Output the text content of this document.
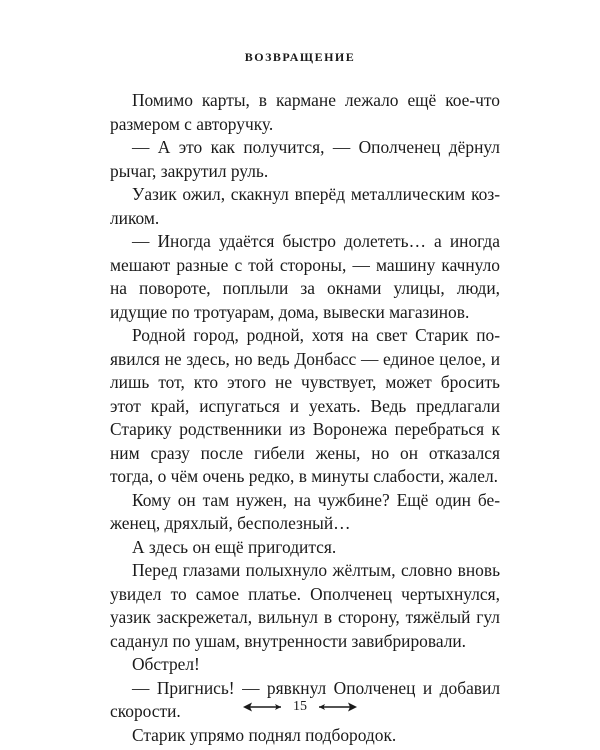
ВОЗВРАЩЕНИЕ

Помимо карты, в кармане лежало ещё кое-что размером с авторучку.

— А это как получится, — Ополченец дёрнул рычаг, закрутил руль.

Уазик ожил, скакнул вперёд металлическим козликом.

— Иногда удаётся быстро долететь… а иногда мешают разные с той стороны, — машину качнуло на повороте, поплыли за окнами улицы, люди, идущие по тротуарам, дома, вывески магазинов.

Родной город, родной, хотя на свет Старик появился не здесь, но ведь Донбасс — единое целое, и лишь тот, кто этого не чувствует, может бросить этот край, испугаться и уехать. Ведь предлагали Старику родственники из Воронежа перебраться к ним сразу после гибели жены, но он отказался тогда, о чём очень редко, в минуты слабости, жалел.

Кому он там нужен, на чужбине? Ещё один беженец, дряхлый, бесполезный…

А здесь он ещё пригодится.

Перед глазами полыхнуло жёлтым, словно вновь увидел то самое платье. Ополченец чертыхнулся, уазик заскрежетал, вильнул в сторону, тяжёлый гул саданул по ушам, внутренности завибрировали.

Обстрел!

— Пригнись! — рявкнул Ополченец и добавил скорости.

Старик упрямо поднял подбородок.

15
